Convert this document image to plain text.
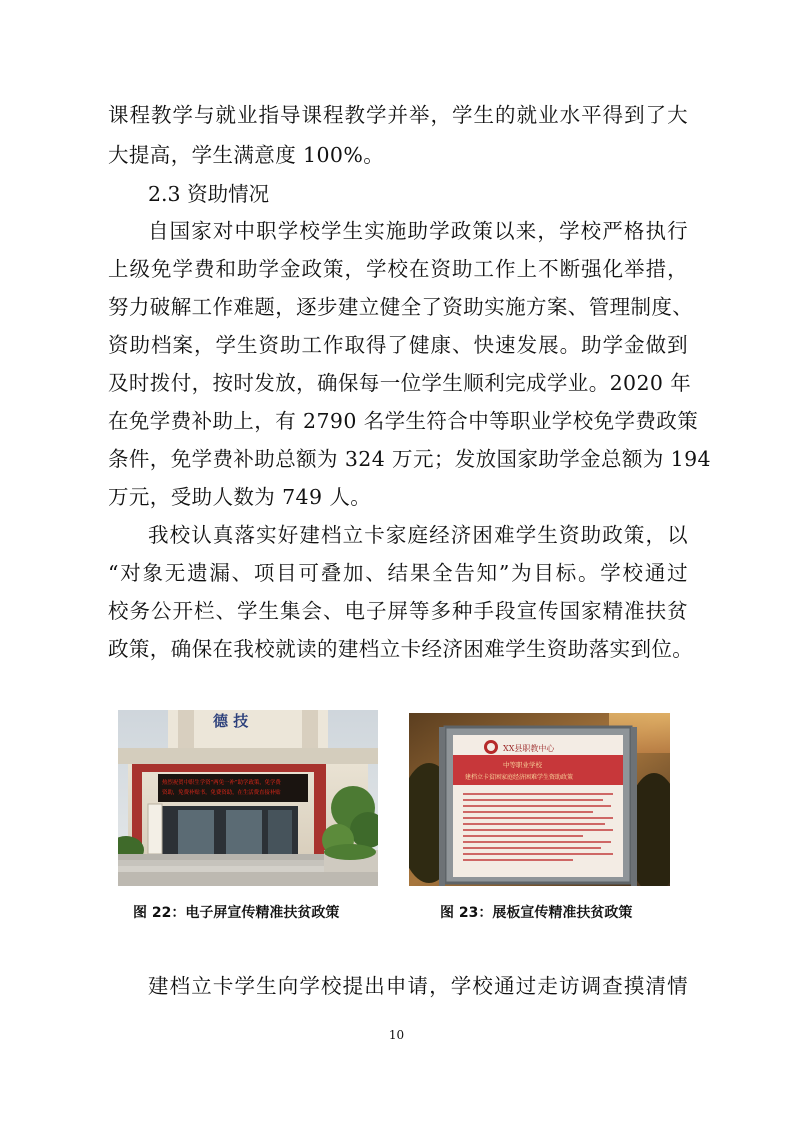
课程教学与就业指导课程教学并举，学生的就业水平得到了大
大提高，学生满意度 100%。
2.3 资助情况
自国家对中职学校学生实施助学政策以来，学校严格执行
上级免学费和助学金政策，学校在资助工作上不断强化举措，
努力破解工作难题，逐步建立健全了资助实施方案、管理制度、
资助档案，学生资助工作取得了健康、快速发展。助学金做到
及时拨付，按时发放，确保每一位学生顺利完成学业。2020 年
在免学费补助上，有 2790 名学生符合中等职业学校免学费政策
条件，免学费补助总额为 324 万元；发放国家助学金总额为 194
万元，受助人数为 749 人。
我校认真落实好建档立卡家庭经济困难学生资助政策，以
“对象无遗漏、项目可叠加、结果全告知”为目标。学校通过
校务公开栏、学生集会、电子屏等多种手段宣传国家精准扶贫
政策，确保在我校就读的建档立卡经济困难学生资助落实到位。
德 技
热烈祝贺中职生学资“两免一补”助学政策，免学费
资助，免费补贴书，免费资助，在生活费直接补贴
XX县职教中心
中等职业学校
建档立卡贫困家庭经济困难学生资助政策
图 22：电子屏宣传精准扶贫政策	图 23：展板宣传精准扶贫政策
建档立卡学生向学校提出申请，学校通过走访调查摸清情
10
